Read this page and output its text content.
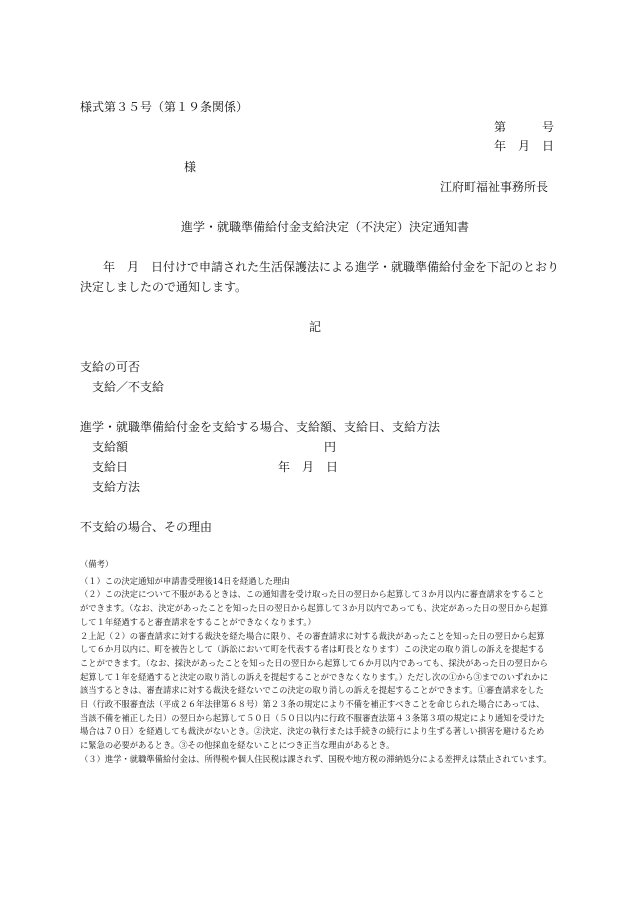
様式第３５号（第１９条関係）
第　　　号
年　月　日
様
江府町福祉事務所長
進学・就職準備給付金支給決定（不決定）決定通知書
年　月　日付けで申請された生活保護法による進学・就職準備給付金を下記のとおり
決定しましたので通知します。
記
支給の可否
支給／不支給
進学・就職準備給付金を支給する場合、支給額、支給日、支給方法
支給額	円
支給日	年　月　日
支給方法
不支給の場合、その理由

（備考）

（１）この決定通知が申請書受理後14日を経過した理由

（２）この決定について不服があるときは、この通知書を受け取った日の翌日から起算して３か月以内に審査請求をすることができます。（なお、決定があったことを知った日の翌日から起算して３か月以内であっても、決定があった日の翌日から起算して１年経過すると審査請求をすることができなくなります。）

２上記（２）の審査請求に対する裁決を経た場合に限り、その審査請求に対する裁決があったことを知った日の翌日から起算して６か月以内に、町を被告として（訴訟において町を代表する者は町長となります）この決定の取り消しの訴えを提起することができます。（なお、採決があったことを知った日の翌日から起算して６か月以内であっても、採決があった日の翌日から起算して１年を経過すると決定の取り消しの訴えを提起することができなくなります。）ただし次の①から③までのいずれかに該当するときは、審査請求に対する裁決を経ないでこの決定の取り消しの訴えを提起することができます。①審査請求をした日（行政不服審査法（平成２６年法律第６８号）第２３条の規定により不備を補正すべきことを命じられた場合にあっては、当該不備を補正した日）の翌日から起算して５０日（５０日以内に行政不服審査法第４３条第３項の規定により通知を受けた場合は７０日）を経過しても裁決がないとき。②決定、決定の執行または手続きの続行により生ずる著しい損害を避けるために緊急の必要があるとき。③その他採血を経ないことにつき正当な理由があるとき。

（３）進学・就職準備給付金は、所得税や個人住民税は課されず、国税や地方税の滞納処分による差押えは禁止されています。
